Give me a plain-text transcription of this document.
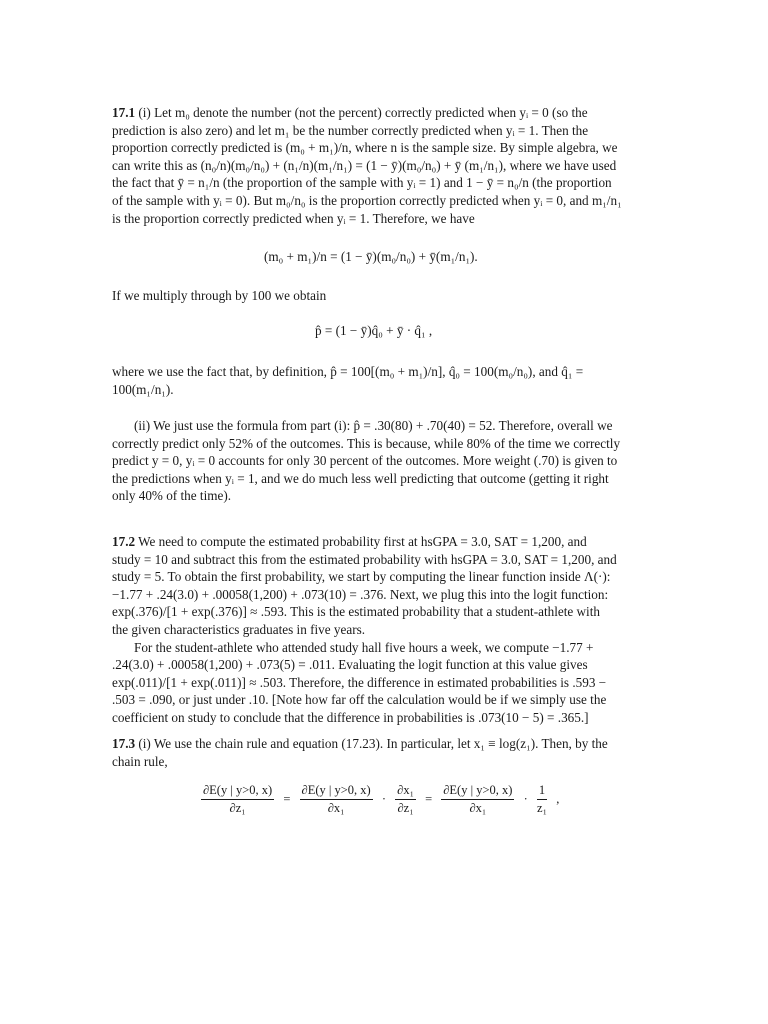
17.1 (i) Let m₀ denote the number (not the percent) correctly predicted when yᵢ = 0 (so the
prediction is also zero) and let m₁ be the number correctly predicted when yᵢ = 1. Then the
proportion correctly predicted is (m₀ + m₁)/n, where n is the sample size. By simple algebra, we
can write this as (n₀/n)(m₀/n₀) + (n₁/n)(m₁/n₁) = (1 − ȳ)(m₀/n₀) + ȳ (m₁/n₁), where we have used
the fact that ȳ = n₁/n (the proportion of the sample with yᵢ = 1) and 1 − ȳ = n₀/n (the proportion
of the sample with yᵢ = 0). But m₀/n₀ is the proportion correctly predicted when yᵢ = 0, and m₁/n₁
is the proportion correctly predicted when yᵢ = 1. Therefore, we have
(m₀ + m₁)/n = (1 − ȳ)(m₀/n₀) + ȳ(m₁/n₁).
If we multiply through by 100 we obtain
p̂ = (1 − ȳ)q̂₀ + ȳ · q̂₁ ,
where we use the fact that, by definition, p̂ = 100[(m₀ + m₁)/n], q̂₀ = 100(m₀/n₀), and q̂₁ =
100(m₁/n₁).
(ii) We just use the formula from part (i): p̂ = .30(80) + .70(40) = 52. Therefore, overall we
correctly predict only 52% of the outcomes. This is because, while 80% of the time we correctly
predict y = 0, yᵢ = 0 accounts for only 30 percent of the outcomes. More weight (.70) is given to
the predictions when yᵢ = 1, and we do much less well predicting that outcome (getting it right
only 40% of the time).
17.2 We need to compute the estimated probability first at hsGPA = 3.0, SAT = 1,200, and
study = 10 and subtract this from the estimated probability with hsGPA = 3.0, SAT = 1,200, and
study = 5. To obtain the first probability, we start by computing the linear function inside Λ(·):
−1.77 + .24(3.0) + .00058(1,200) + .073(10) = .376. Next, we plug this into the logit function:
exp(.376)/[1 + exp(.376)] ≈ .593. This is the estimated probability that a student-athlete with
the given characteristics graduates in five years.
For the student-athlete who attended study hall five hours a week, we compute −1.77 +
.24(3.0) + .00058(1,200) + .073(5) = .011. Evaluating the logit function at this value gives
exp(.011)/[1 + exp(.011)] ≈ .503. Therefore, the difference in estimated probabilities is .593 −
.503 = .090, or just under .10. [Note how far off the calculation would be if we simply use the
coefficient on study to conclude that the difference in probabilities is .073(10 − 5) = .365.]
17.3 (i) We use the chain rule and equation (17.23). In particular, let x₁ ≡ log(z₁). Then, by the
chain rule,
$\frac{\partial E(y | y>0, x)}{\text{∂z₁}} = \frac{\partial E(y | y>0, x)}{\text{∂x₁}} \cdot \frac{\text{∂x₁}}{\text{∂z₁}} = \frac{\partial E(y | y>0, x)}{\text{∂x₁}} \cdot \frac{1}{\text{z₁}}$ ,
